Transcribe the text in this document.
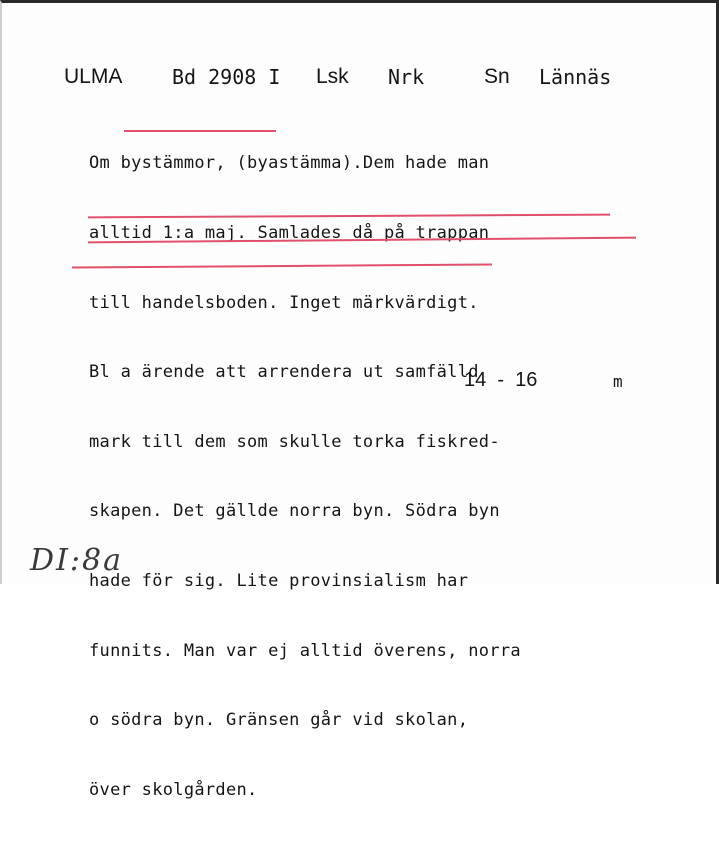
ULMA Bd 2908 I Lsk Nrk	Sn Lännäs

Om bystämmor, (byastämma).Dem hade man

alltid 1:a maj. Samlades då på trappan

till handelsboden. Inget märkvärdigt.

Bl a ärende att arrendera ut samfälld

mark till dem som skulle torka fiskred-

skapen. Det gällde norra byn. Södra byn

hade för sig. Lite provinsialism har

funnits. Man var ej alltid överens, norra

o södra byn. Gränsen går vid skolan,

över skolgården.

14  -  16	m
DI:8a
